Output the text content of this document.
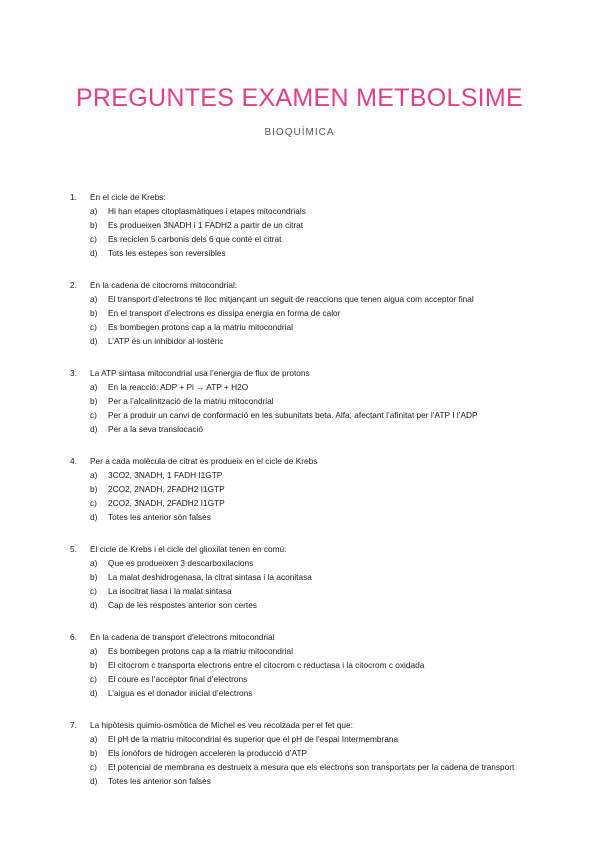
PREGUNTES EXAMEN METBOLSIME
BIOQUÍMICA
1.	En el cicle de Krebs:
a)	Hi han etapes citoplasmàtiques i etapes mitocondrials
b)	Es produeixen 3NADH i 1 FADH2 a partir de un citrat
c)	Es reciclen 5 carbonis dels 6 que conté el citrat
d)	Tots les estepes son reversibles
2.	En la cadena de citocroms mitocondrial:
a)	El transport d’electrons té lloc mitjançant un seguit de reaccions que tenen aigua com acceptor final
b)	En el transport d’electrons es dissipa energia en forma de calor
c)	Es bombegen protons cap a la matriu mitocondrial
d)	L’ATP és un inhibidor al·lostèric
3.	La ATP sintasa mitocondrial usa l’energia de flux de protons
a)	En la reacció: ADP + Pi → ATP + H2O
b)	Per a l’alcalinització de la matriu mitocondrial
c)	Per a produir un canvi de conformació en les subunitats beta. Alfa, afectant l’afinitat per l’ATP I l’ADP
d)	Per a la seva translocació
4.	Per a cada molècula de citrat es produeix en el cicle de Krebs
a)	3CO2, 3NADH, 1 FADH I1GTP
b)	2CO2, 2NADH, 2FADH2 I1GTP
c)	2CO2, 3NADH, 2FADH2 I1GTP
d)	Totes les anterior són falses
5.	El cicle de Krebs i el cicle del glioxilat tenen en comú:
a)	Que es produeixen 3 descarboxilacions
b)	La malat deshidrogenasa, la citrat sintasa i la aconitasa
c)	La isocitrat liasa i la malat sintasa
d)	Cap de les respostes anterior son certes
6.	En la cadena de transport d’electrons mitocondrial
a)	Es bombegen protons cap a la matriu mitocondrial
b)	El citocrom c transporta electrons entre el citocrom c reductasa i la citocrom c oxidada
c)	El coure es l’acceptor final d’electrons
d)	L’aigua es el donador inicial d’electrons
7.	La hipòtesis quimio-osmòtica de Michel es veu recolzada per el fet que:
a)	El pH de la matriu mitocondrial és superior que el pH de l’espai Intermembrana
b)	Els ionòfors de hidrogen acceleren la producció d’ATP
c)	El potencial de membrana es destrueix a mesura que els electrons son transportats per la cadena de transport
d)	Totes les anterior son falses
